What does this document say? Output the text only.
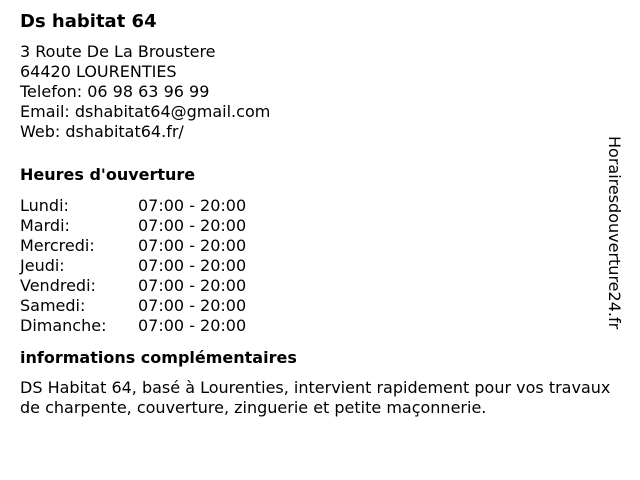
Ds habitat 64
3 Route De La Broustere
64420 LOURENTIES
Telefon: 06 98 63 96 99
Email: dshabitat64@gmail.com
Web: dshabitat64.fr/
Heures d'ouverture
Lundi:	07:00 - 20:00
Mardi:	07:00 - 20:00
Mercredi:	07:00 - 20:00
Jeudi:	07:00 - 20:00
Vendredi:	07:00 - 20:00
Samedi:	07:00 - 20:00
Dimanche:	07:00 - 20:00
informations complémentaires
DS Habitat 64, basé à Lourenties, intervient rapidement pour vos travaux de charpente, couverture, zinguerie et petite maçonnerie.
Horairesdouverture24.fr
